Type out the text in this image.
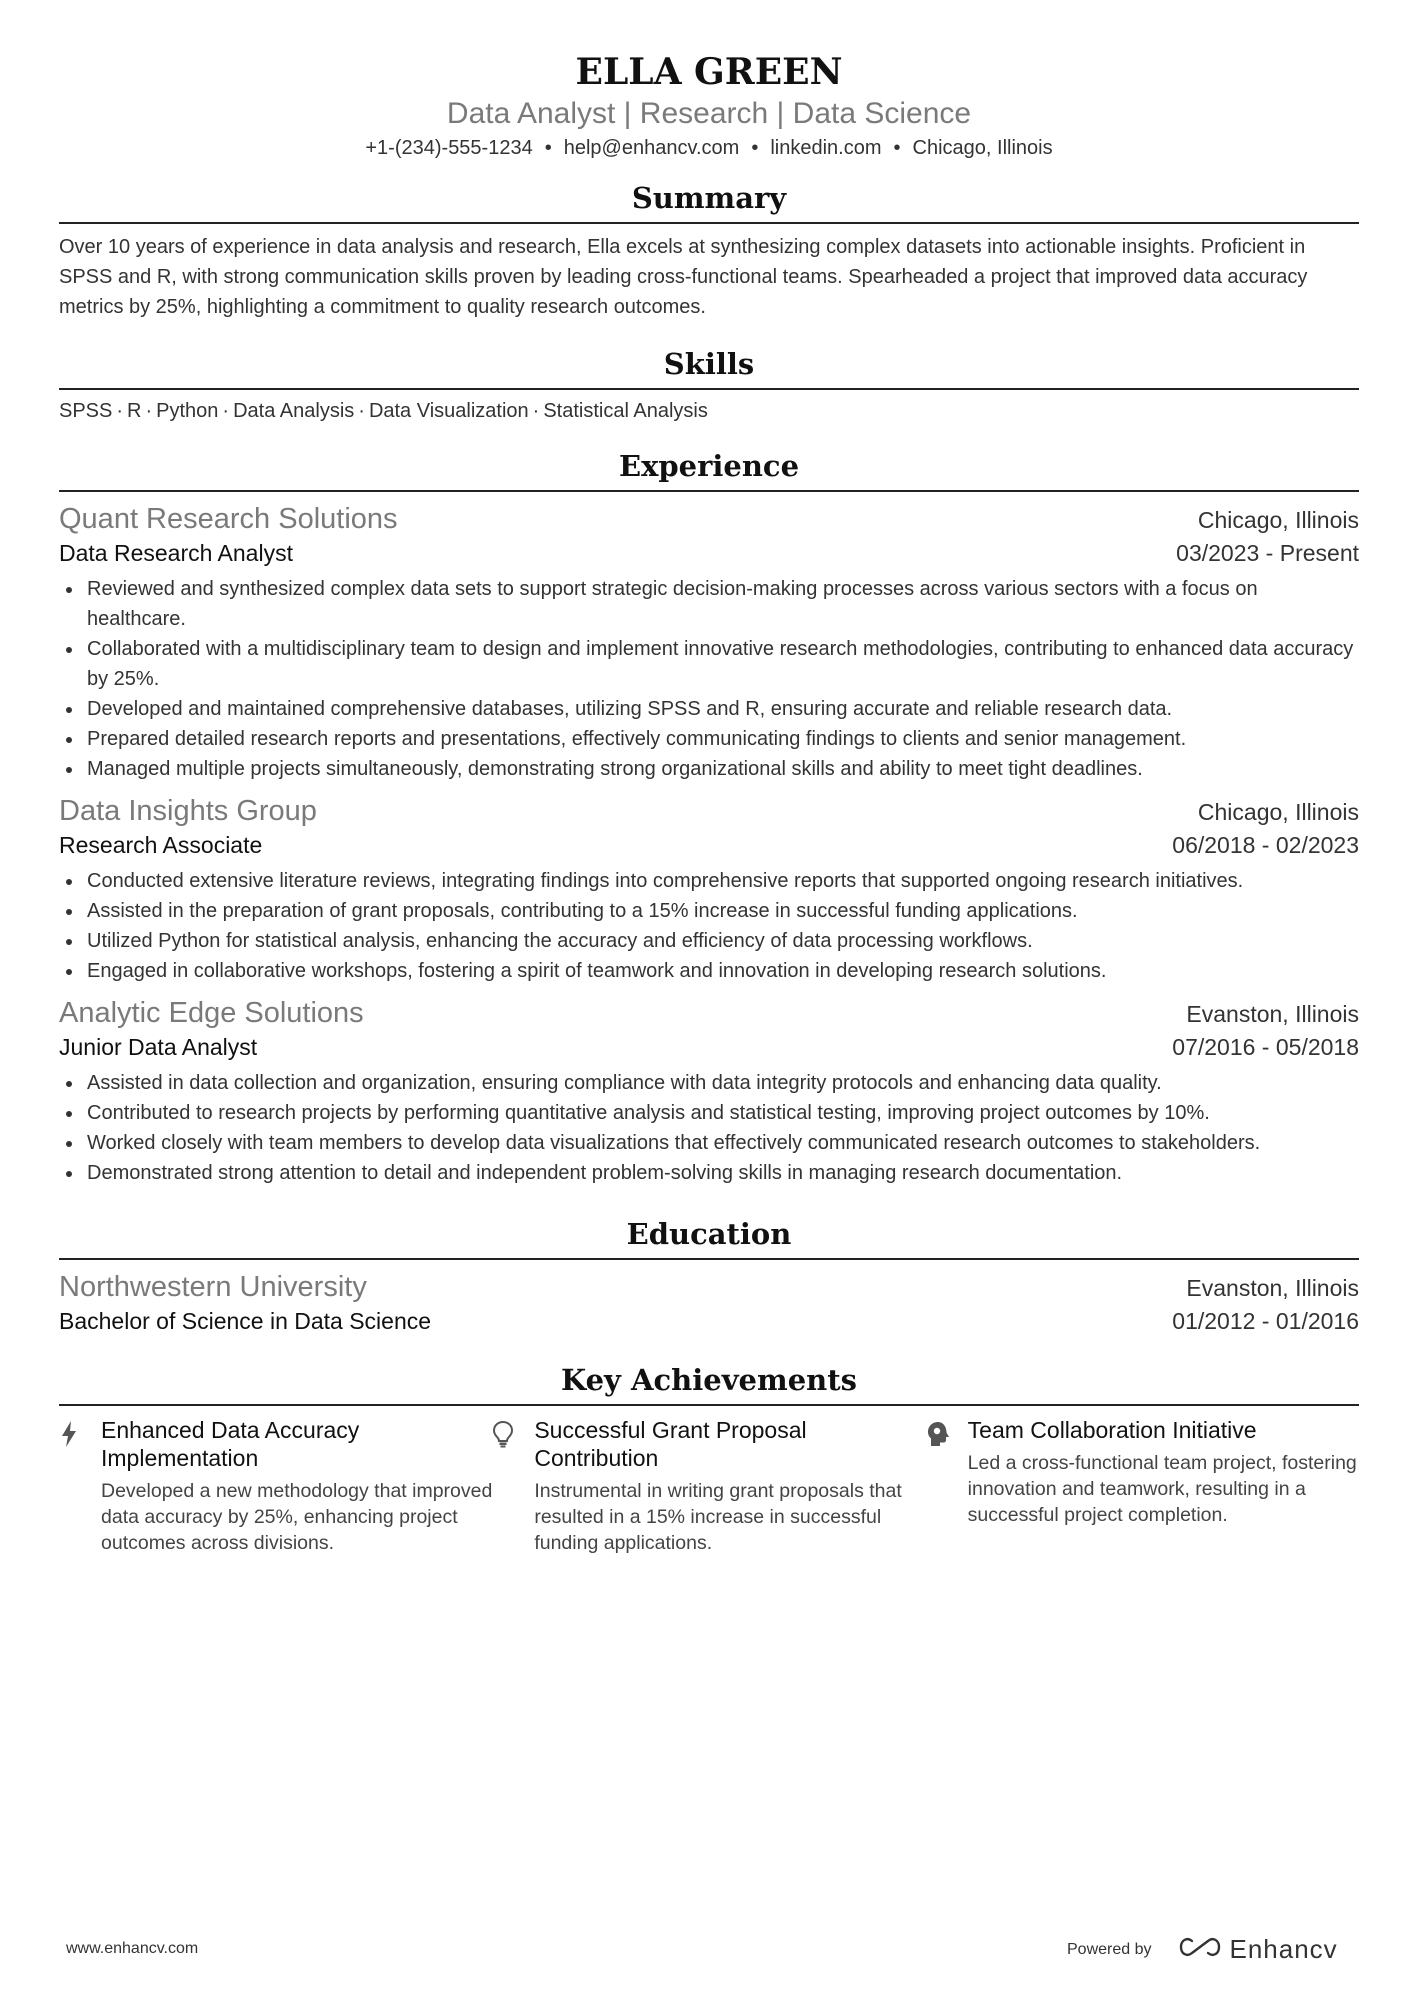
ELLA GREEN
Data Analyst | Research | Data Science
+1-(234)-555-1234 • help@enhancv.com • linkedin.com • Chicago, Illinois
Summary
Over 10 years of experience in data analysis and research, Ella excels at synthesizing complex datasets into actionable insights. Proficient in SPSS and R, with strong communication skills proven by leading cross-functional teams. Spearheaded a project that improved data accuracy metrics by 25%, highlighting a commitment to quality research outcomes.
Skills
SPSS · R · Python · Data Analysis · Data Visualization · Statistical Analysis
Experience
Quant Research Solutions	Chicago, Illinois
Data Research Analyst	03/2023 - Present
Reviewed and synthesized complex data sets to support strategic decision-making processes across various sectors with a focus on healthcare.
Collaborated with a multidisciplinary team to design and implement innovative research methodologies, contributing to enhanced data accuracy by 25%.
Developed and maintained comprehensive databases, utilizing SPSS and R, ensuring accurate and reliable research data.
Prepared detailed research reports and presentations, effectively communicating findings to clients and senior management.
Managed multiple projects simultaneously, demonstrating strong organizational skills and ability to meet tight deadlines.
Data Insights Group	Chicago, Illinois
Research Associate	06/2018 - 02/2023
Conducted extensive literature reviews, integrating findings into comprehensive reports that supported ongoing research initiatives.
Assisted in the preparation of grant proposals, contributing to a 15% increase in successful funding applications.
Utilized Python for statistical analysis, enhancing the accuracy and efficiency of data processing workflows.
Engaged in collaborative workshops, fostering a spirit of teamwork and innovation in developing research solutions.
Analytic Edge Solutions	Evanston, Illinois
Junior Data Analyst	07/2016 - 05/2018
Assisted in data collection and organization, ensuring compliance with data integrity protocols and enhancing data quality.
Contributed to research projects by performing quantitative analysis and statistical testing, improving project outcomes by 10%.
Worked closely with team members to develop data visualizations that effectively communicated research outcomes to stakeholders.
Demonstrated strong attention to detail and independent problem-solving skills in managing research documentation.
Education
Northwestern University	Evanston, Illinois
Bachelor of Science in Data Science	01/2012 - 01/2016
Key Achievements
Enhanced Data Accuracy Implementation
Developed a new methodology that improved data accuracy by 25%, enhancing project outcomes across divisions.
Successful Grant Proposal Contribution
Instrumental in writing grant proposals that resulted in a 15% increase in successful funding applications.
Team Collaboration Initiative
Led a cross-functional team project, fostering innovation and teamwork, resulting in a successful project completion.
www.enhancv.com	Powered by	Enhancv
